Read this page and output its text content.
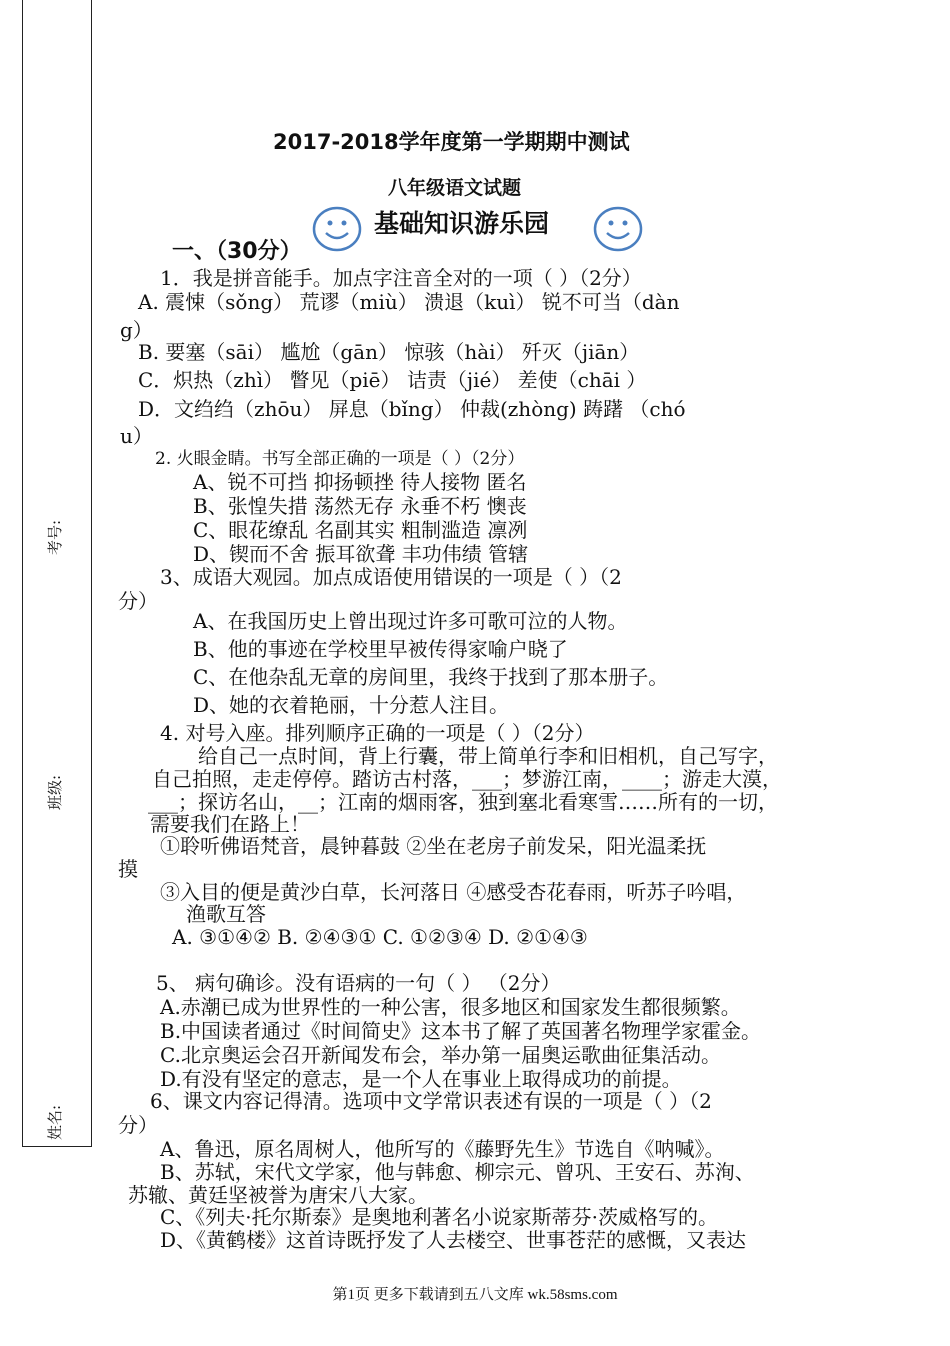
考号:
班级:
姓名:
2017-2018学年度第一学期期中测试
八年级语文试题
基础知识游乐园
一、（30分）
1．我是拼音能手。加点字注音全对的一项（ ）（2分）
A. 震悚（sǒng） 荒谬（miù） 溃退（kuì） 锐不可当（dàn
g）
B. 要塞（sāi） 尴尬（gān） 惊骇（hài） 歼灭（jiān）
C．炽热（zhì） 瞥见（piē） 诘责（jié） 差使（chāi ）
D．文绉绉（zhōu） 屏息（bǐng） 仲裁(zhòng) 踌躇 （chó
u）
2. 火眼金睛。书写全部正确的一项是（ ）（2分）
A、锐不可挡 抑扬顿挫 待人接物 匿名
B、张惶失措 荡然无存 永垂不朽 懊丧
C、眼花缭乱 名副其实 粗制滥造 凛冽
D、锲而不舍 振耳欲聋 丰功伟绩 管辖
3、成语大观园。加点成语使用错误的一项是（ ）（2
分）
A、在我国历史上曾出现过许多可歌可泣的人物。
B、他的事迹在学校里早被传得家喻户晓了
C、在他杂乱无章的房间里，我终于找到了那本册子。
D、她的衣着艳丽，十分惹人注目。
4. 对号入座。排列顺序正确的一项是（ ）（2分）
给自己一点时间，背上行囊，带上简单行李和旧相机，自己写字，
自己拍照，走走停停。踏访古村落，___；梦游江南，____；游走大漠，
___；探访名山，__；江南的烟雨客，独到塞北看寒雪……所有的一切，
需要我们在路上！
①聆听佛语梵音，晨钟暮鼓 ②坐在老房子前发呆，阳光温柔抚
摸
③入目的便是黄沙白草，长河落日 ④感受杏花春雨，听苏子吟唱，
渔歌互答
A. ③①④② B. ②④③① C. ①②③④ D. ②①④③
5、 病句确诊。没有语病的一句（ ） （2分）
A.赤潮已成为世界性的一种公害，很多地区和国家发生都很频繁。
B.中国读者通过《时间简史》这本书了解了英国著名物理学家霍金。
C.北京奥运会召开新闻发布会，举办第一届奥运歌曲征集活动。
D.有没有坚定的意志，是一个人在事业上取得成功的前提。
6、课文内容记得清。选项中文学常识表述有误的一项是（ ）（2
分）
A、鲁迅，原名周树人，他所写的《藤野先生》节选自《呐喊》。
B、苏轼，宋代文学家，他与韩愈、柳宗元、曾巩、王安石、苏洵、
苏辙、黄廷坚被誉为唐宋八大家。
C、《列夫·托尔斯泰》是奥地利著名小说家斯蒂芬·茨威格写的。
D、《黄鹤楼》这首诗既抒发了人去楼空、世事苍茫的感慨，又表达
第1页 更多下载请到五八文库 wk.58sms.com
